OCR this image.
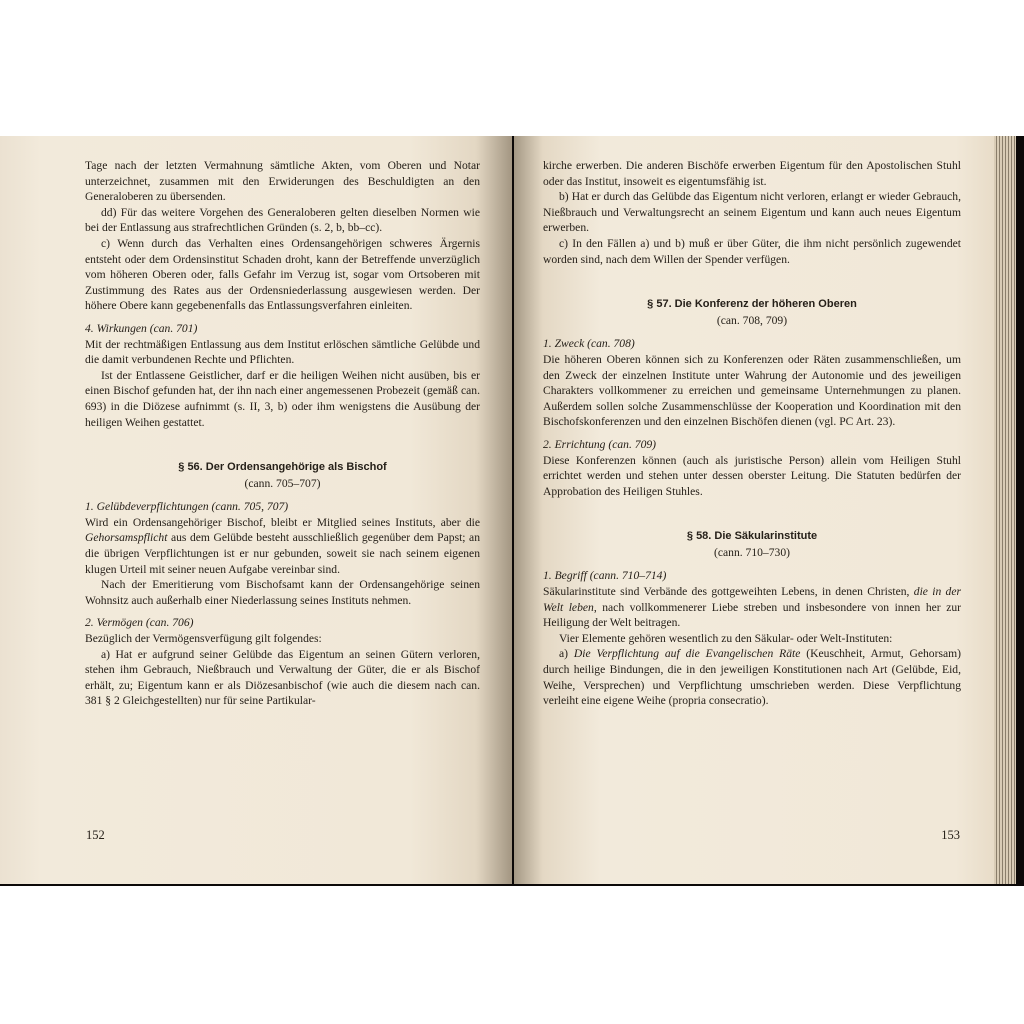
Tage nach der letzten Vermahnung sämtliche Akten, vom Oberen und Notar unterzeichnet, zusammen mit den Erwiderungen des Beschuldigten an den Generaloberen zu übersenden.

dd) Für das weitere Vorgehen des Generaloberen gelten dieselben Normen wie bei der Entlassung aus strafrechtlichen Gründen (s. 2, b, bb–cc).

c) Wenn durch das Verhalten eines Ordensangehörigen schweres Ärgernis entsteht oder dem Ordensinstitut Schaden droht, kann der Betreffende unverzüglich vom höheren Oberen oder, falls Gefahr im Verzug ist, sogar vom Ortsoberen mit Zustimmung des Rates aus der Ordensniederlassung ausgewiesen werden. Der höhere Obere kann gegebenenfalls das Entlassungsverfahren einleiten.

4. Wirkungen (can. 701)

Mit der rechtmäßigen Entlassung aus dem Institut erlöschen sämtliche Gelübde und die damit verbundenen Rechte und Pflichten.

Ist der Entlassene Geistlicher, darf er die heiligen Weihen nicht ausüben, bis er einen Bischof gefunden hat, der ihn nach einer angemessenen Probezeit (gemäß can. 693) in die Diözese aufnimmt (s. II, 3, b) oder ihm wenigstens die Ausübung der heiligen Weihen gestattet.

§ 56. Der Ordensangehörige als Bischof

(cann. 705–707)

1. Gelübdeverpflichtungen (cann. 705, 707)

Wird ein Ordensangehöriger Bischof, bleibt er Mitglied seines Instituts, aber die Gehorsamspflicht aus dem Gelübde besteht ausschließlich gegenüber dem Papst; an die übrigen Verpflichtungen ist er nur gebunden, soweit sie nach seinem eigenen klugen Urteil mit seiner neuen Aufgabe vereinbar sind.

Nach der Emeritierung vom Bischofsamt kann der Ordensangehörige seinen Wohnsitz auch außerhalb einer Niederlassung seines Instituts nehmen.

2. Vermögen (can. 706)

Bezüglich der Vermögensverfügung gilt folgendes:

a) Hat er aufgrund seiner Gelübde das Eigentum an seinen Gütern verloren, stehen ihm Gebrauch, Nießbrauch und Verwaltung der Güter, die er als Bischof erhält, zu; Eigentum kann er als Diözesanbischof (wie auch die diesem nach can. 381 § 2 Gleichgestellten) nur für seine Partikular-

152

kirche erwerben. Die anderen Bischöfe erwerben Eigentum für den Apostolischen Stuhl oder das Institut, insoweit es eigentumsfähig ist.

b) Hat er durch das Gelübde das Eigentum nicht verloren, erlangt er wieder Gebrauch, Nießbrauch und Verwaltungsrecht an seinem Eigentum und kann auch neues Eigentum erwerben.

c) In den Fällen a) und b) muß er über Güter, die ihm nicht persönlich zugewendet worden sind, nach dem Willen der Spender verfügen.

§ 57. Die Konferenz der höheren Oberen

(can. 708, 709)

1. Zweck (can. 708)

Die höheren Oberen können sich zu Konferenzen oder Räten zusammenschließen, um den Zweck der einzelnen Institute unter Wahrung der Autonomie und des jeweiligen Charakters vollkommener zu erreichen und gemeinsame Unternehmungen zu planen. Außerdem sollen solche Zusammenschlüsse der Kooperation und Koordination mit den Bischofskonferenzen und den einzelnen Bischöfen dienen (vgl. PC Art. 23).

2. Errichtung (can. 709)

Diese Konferenzen können (auch als juristische Person) allein vom Heiligen Stuhl errichtet werden und stehen unter dessen oberster Leitung. Die Statuten bedürfen der Approbation des Heiligen Stuhles.

§ 58. Die Säkularinstitute

(cann. 710–730)

1. Begriff (cann. 710–714)

Säkularinstitute sind Verbände des gottgeweihten Lebens, in denen Christen, die in der Welt leben, nach vollkommenerer Liebe streben und insbesondere von innen her zur Heiligung der Welt beitragen.

Vier Elemente gehören wesentlich zu den Säkular- oder Welt-Instituten:

a) Die Verpflichtung auf die Evangelischen Räte (Keuschheit, Armut, Gehorsam) durch heilige Bindungen, die in den jeweiligen Konstitutionen nach Art (Gelübde, Eid, Weihe, Versprechen) und Verpflichtung umschrieben werden. Diese Verpflichtung verleiht eine eigene Weihe (propria consecratio).

153
